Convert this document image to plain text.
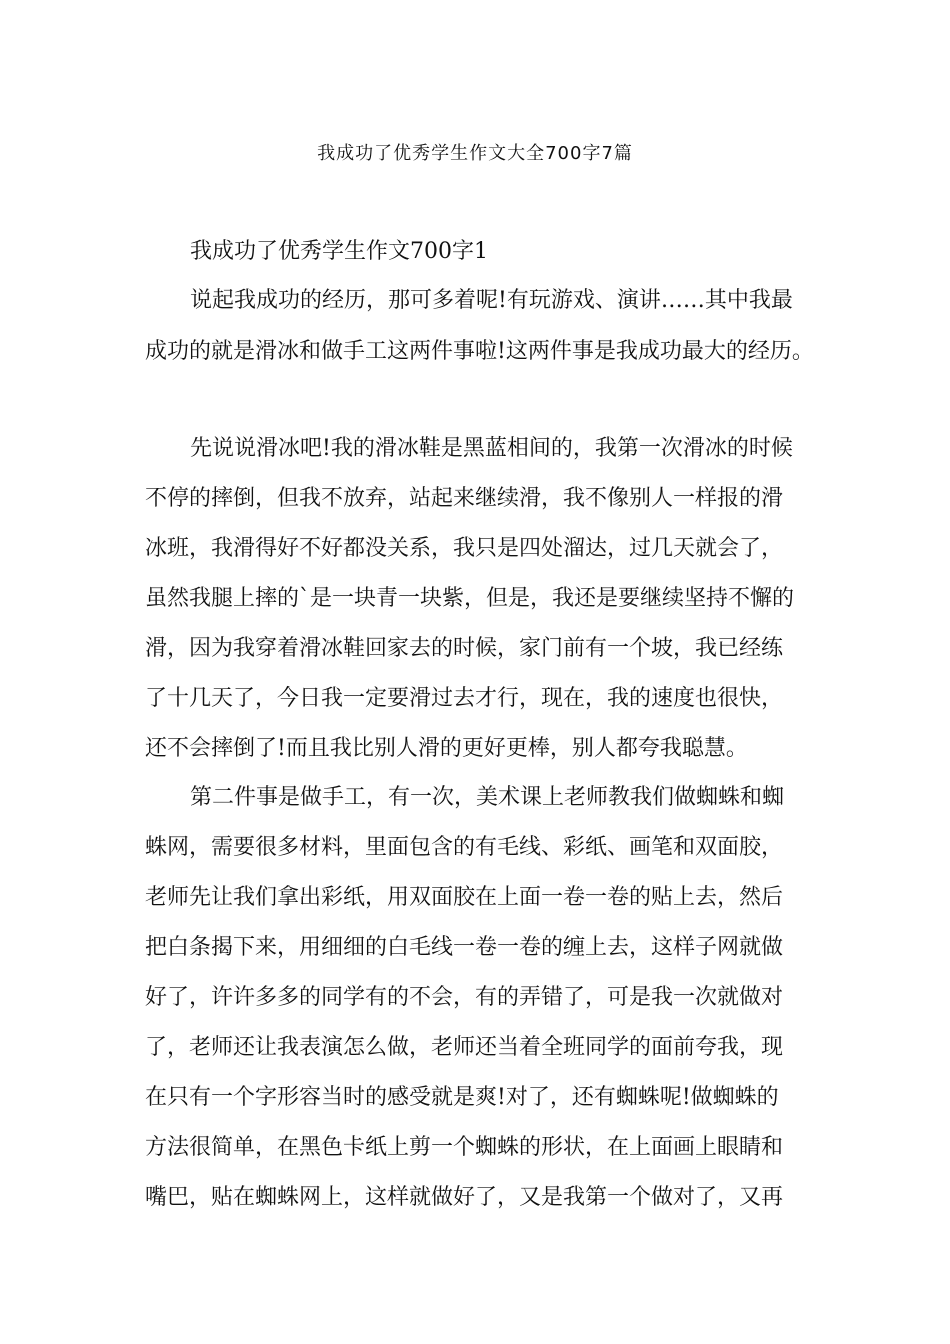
我成功了优秀学生作文大全700字7篇
我成功了优秀学生作文700字1
说起我成功的经历，那可多着呢!有玩游戏、演讲……其中我最
成功的就是滑冰和做手工这两件事啦!这两件事是我成功最大的经历。
先说说滑冰吧!我的滑冰鞋是黑蓝相间的，我第一次滑冰的时候
不停的摔倒，但我不放弃，站起来继续滑，我不像别人一样报的滑
冰班，我滑得好不好都没关系，我只是四处溜达，过几天就会了，
虽然我腿上摔的`是一块青一块紫，但是，我还是要继续坚持不懈的
滑，因为我穿着滑冰鞋回家去的时候，家门前有一个坡，我已经练
了十几天了，今日我一定要滑过去才行，现在，我的速度也很快，
还不会摔倒了!而且我比别人滑的更好更棒，别人都夸我聪慧。
第二件事是做手工，有一次，美术课上老师教我们做蜘蛛和蜘
蛛网，需要很多材料，里面包含的有毛线、彩纸、画笔和双面胶，
老师先让我们拿出彩纸，用双面胶在上面一卷一卷的贴上去，然后
把白条揭下来，用细细的白毛线一卷一卷的缠上去，这样子网就做
好了，许许多多的同学有的不会，有的弄错了，可是我一次就做对
了，老师还让我表演怎么做，老师还当着全班同学的面前夸我，现
在只有一个字形容当时的感受就是爽!对了，还有蜘蛛呢!做蜘蛛的
方法很简单，在黑色卡纸上剪一个蜘蛛的形状，在上面画上眼睛和
嘴巴，贴在蜘蛛网上，这样就做好了，又是我第一个做对了，又再
